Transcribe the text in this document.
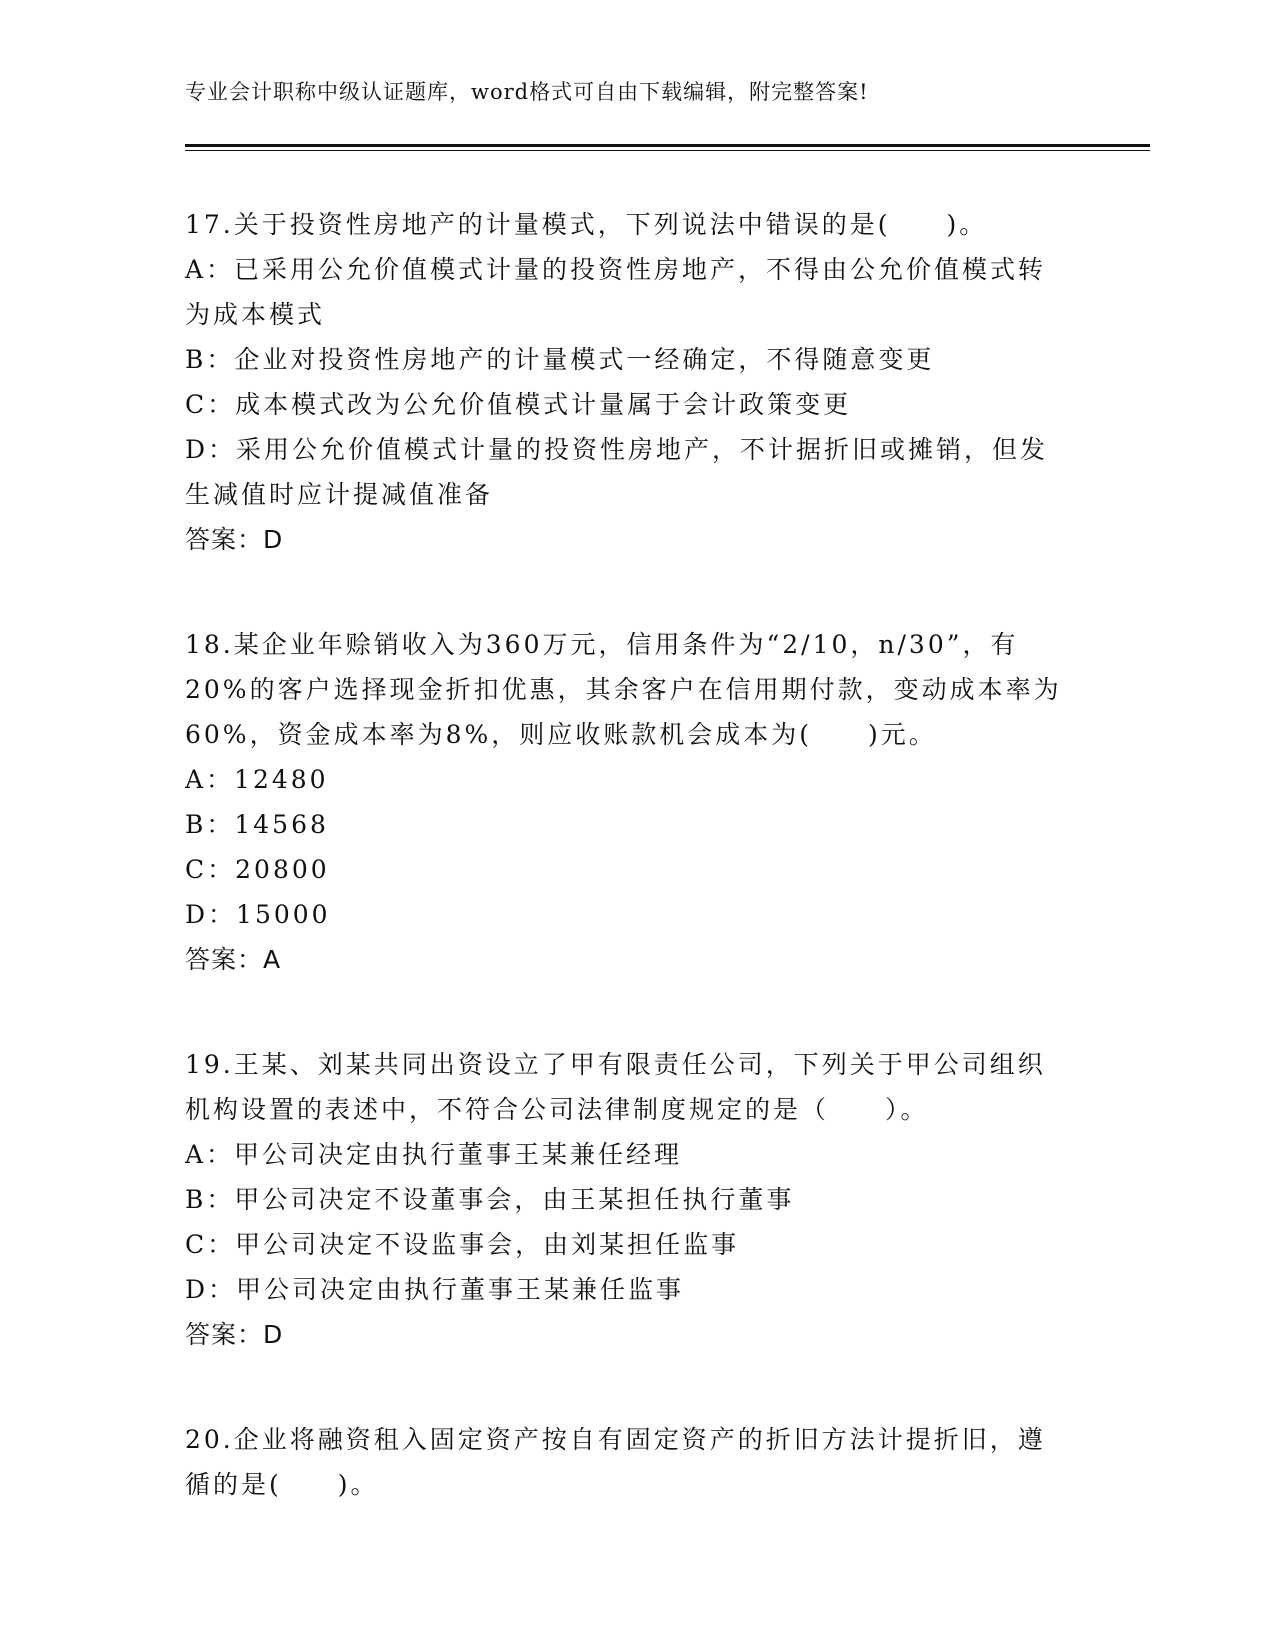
专业会计职称中级认证题库，word格式可自由下载编辑，附完整答案!
17.关于投资性房地产的计量模式，下列说法中错误的是(　　)。
A：已采用公允价值模式计量的投资性房地产，不得由公允价值模式转
为成本模式
B：企业对投资性房地产的计量模式一经确定，不得随意变更
C：成本模式改为公允价值模式计量属于会计政策变更
D：采用公允价值模式计量的投资性房地产，不计据折旧或摊销，但发
生减值时应计提减值准备
答案：D
18.某企业年赊销收入为360万元，信用条件为“2/10，n/30”，有
20%的客户选择现金折扣优惠，其余客户在信用期付款，变动成本率为
60%，资金成本率为8%，则应收账款机会成本为(　　)元。
A：12480
B：14568
C：20800
D：15000
答案：A
19.王某、刘某共同出资设立了甲有限责任公司，下列关于甲公司组织
机构设置的表述中，不符合公司法律制度规定的是（　　）。
A：甲公司决定由执行董事王某兼任经理
B：甲公司决定不设董事会，由王某担任执行董事
C：甲公司决定不设监事会，由刘某担任监事
D：甲公司决定由执行董事王某兼任监事
答案：D
20.企业将融资租入固定资产按自有固定资产的折旧方法计提折旧，遵
循的是(　　)。
